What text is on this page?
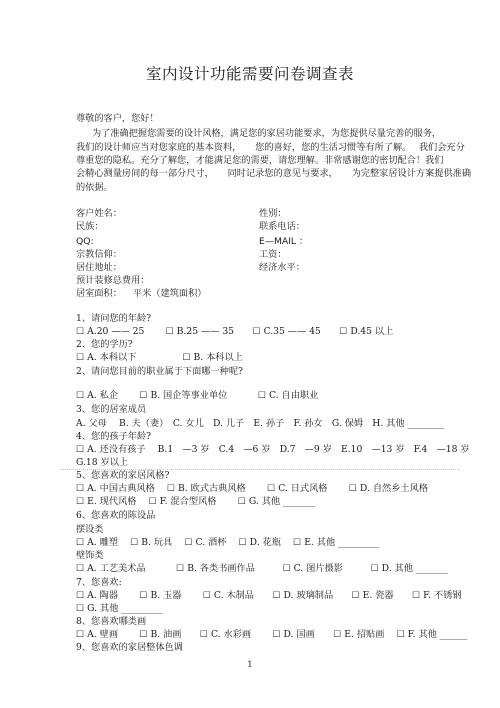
室内设计功能需要问卷调查表
尊敬的客户，您好！
为了准确把握您需要的设计风格，满足您的家居功能要求，为您提供尽量完善的服务，
我们的设计师应当对您家庭的基本资料，　　您的喜好，您的生活习惯等有所了解。　 我们会充分
尊重您的隐私。充分了解您，才能满足您的需要，请您理解。非常感谢您的密切配合！我们
会精心测量房间的每一部分尺寸，　　同时记录您的意见与要求，　　为完整家居设计方案提供准确
的依据。
客户姓名：	性别：
民族：	联系电话：
QQ:	E—MAIL ：
宗教信仰：	工资：
居住地址：	经济水平：
预计装修总费用：
居室面积： 平米（建筑面积）
1、请问您的年龄?
☐ A.20 —— 25　　 ☐ B.25 —— 35　　☐ C.35 —— 45　　☐ D.45 以上
2、您的学历?
☐ A. 本科以下　　　　　☐ B. 本科以上
2、请问您目前的职业属于下面哪一种呢?
☐ A. 私企　　 ☐ B. 国企等事业单位　　　 ☐ C. 自由职业
3、您的居室成员
A. 父母　 B. 夫（妻）　C. 女儿　D. 儿子　E. 孙子　F. 孙女　G. 保姆　H. 其他 ________
4、您的孩子年龄?
☐ A. 还没有孩子　 B.1　—3 岁　C.4　—6 岁　D.7　—9 岁　E.10　—13 岁　F.4　—18 岁
G.18 岁以上
5、您喜欢的家居风格?
☐ A. 中国古典风格　 ☐ B. 欧式古典风格　　 ☐ C. 日式风格　　 ☐ D. 自然乡土风格
☐ E. 现代风格　 ☐ F. 混合型风格　　 ☐ G. 其他 _______
6、您喜欢的陈设品
摆设类
☐ A. 雕塑　 ☐ B. 玩具　 ☐ C. 酒杯　 ☐ D. 花瓶　 ☐ E. 其他 _________
壁饰类
☐ A. 工艺美术品　　　 ☐ B. 各类书画作品　　　☐ C. 图片摄影　　　☐ D. 其他 _______
7、您喜欢:
☐ A. 陶器　　 ☐ B. 玉器　　 ☐ C. 木制品　　☐ D. 玻璃制品　　☐ E. 瓷器　　☐ F. 不锈钢
☐ G. 其他 _________
8、您喜欢哪类画
☐ A. 壁画　　 ☐ B. 油画　　☐ C. 水彩画　　 ☐ D. 国画　　☐ E. 招贴画　 ☐ F. 其他 ______
9、您喜欢的家居整体色调
1
